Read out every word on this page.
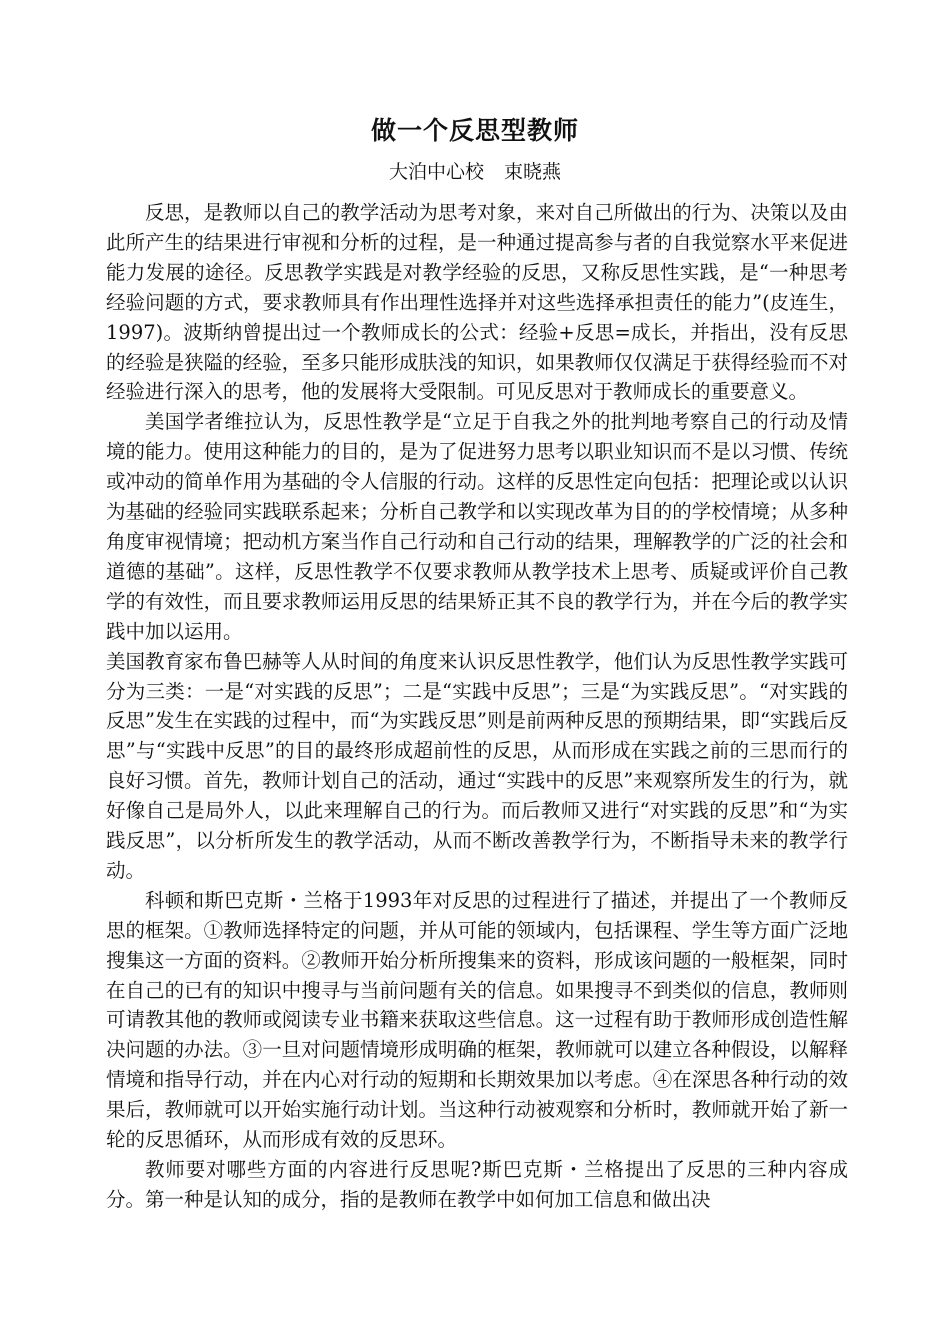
做一个反思型教师
大泊中心校 束晓燕

反思，是教师以自己的教学活动为思考对象，来对自己所做出的行为、决策以及由此所产生的结果进行审视和分析的过程，是一种通过提高参与者的自我觉察水平来促进能力发展的途径。反思教学实践是对教学经验的反思，又称反思性实践，是“一种思考经验问题的方式，要求教师具有作出理性选择并对这些选择承担责任的能力”(皮连生，1997)。波斯纳曾提出过一个教师成长的公式：经验+反思=成长，并指出，没有反思的经验是狭隘的经验，至多只能形成肤浅的知识，如果教师仅仅满足于获得经验而不对经验进行深入的思考，他的发展将大受限制。可见反思对于教师成长的重要意义。

美国学者维拉认为，反思性教学是“立足于自我之外的批判地考察自己的行动及情境的能力。使用这种能力的目的，是为了促进努力思考以职业知识而不是以习惯、传统或冲动的简单作用为基础的令人信服的行动。这样的反思性定向包括：把理论或以认识为基础的经验同实践联系起来；分析自己教学和以实现改革为目的的学校情境；从多种角度审视情境；把动机方案当作自己行动和自己行动的结果，理解教学的广泛的社会和道德的基础”。这样，反思性教学不仅要求教师从教学技术上思考、质疑或评价自己教学的有效性，而且要求教师运用反思的结果矫正其不良的教学行为，并在今后的教学实践中加以运用。

美国教育家布鲁巴赫等人从时间的角度来认识反思性教学，他们认为反思性教学实践可分为三类：一是“对实践的反思”；二是“实践中反思”；三是“为实践反思”。“对实践的反思”发生在实践的过程中，而“为实践反思”则是前两种反思的预期结果，即“实践后反思”与“实践中反思”的目的最终形成超前性的反思，从而形成在实践之前的三思而行的良好习惯。首先，教师计划自己的活动，通过“实践中的反思”来观察所发生的行为，就好像自己是局外人，以此来理解自己的行为。而后教师又进行“对实践的反思”和“为实践反思”，以分析所发生的教学活动，从而不断改善教学行为，不断指导未来的教学行动。

科顿和斯巴克斯・兰格于1993年对反思的过程进行了描述，并提出了一个教师反思的框架。①教师选择特定的问题，并从可能的领域内，包括课程、学生等方面广泛地搜集这一方面的资料。②教师开始分析所搜集来的资料，形成该问题的一般框架，同时在自己的已有的知识中搜寻与当前问题有关的信息。如果搜寻不到类似的信息，教师则可请教其他的教师或阅读专业书籍来获取这些信息。这一过程有助于教师形成创造性解决问题的办法。③一旦对问题情境形成明确的框架，教师就可以建立各种假设，以解释情境和指导行动，并在内心对行动的短期和长期效果加以考虑。④在深思各种行动的效果后，教师就可以开始实施行动计划。当这种行动被观察和分析时，教师就开始了新一轮的反思循环，从而形成有效的反思环。

教师要对哪些方面的内容进行反思呢?斯巴克斯・兰格提出了反思的三种内容成分。第一种是认知的成分，指的是教师在教学中如何加工信息和做出决
